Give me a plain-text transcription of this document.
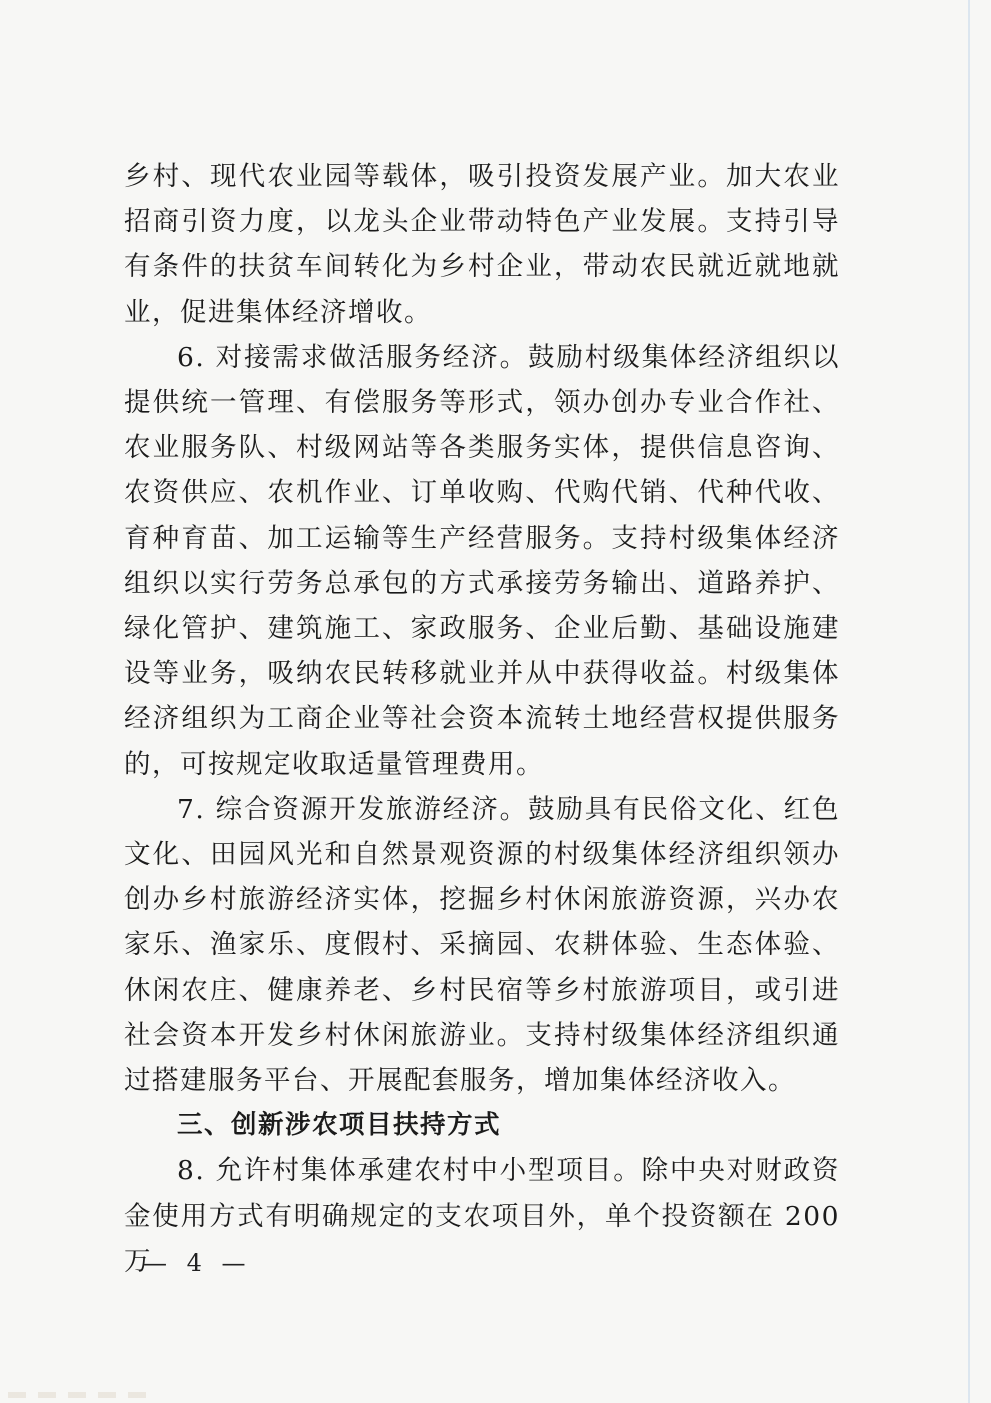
乡村、现代农业园等载体，吸引投资发展产业。加大农业招商引资力度，以龙头企业带动特色产业发展。支持引导有条件的扶贫车间转化为乡村企业，带动农民就近就地就业，促进集体经济增收。

6. 对接需求做活服务经济。鼓励村级集体经济组织以提供统一管理、有偿服务等形式，领办创办专业合作社、农业服务队、村级网站等各类服务实体，提供信息咨询、农资供应、农机作业、订单收购、代购代销、代种代收、育种育苗、加工运输等生产经营服务。支持村级集体经济组织以实行劳务总承包的方式承接劳务输出、道路养护、绿化管护、建筑施工、家政服务、企业后勤、基础设施建设等业务，吸纳农民转移就业并从中获得收益。村级集体经济组织为工商企业等社会资本流转土地经营权提供服务的，可按规定收取适量管理费用。

7. 综合资源开发旅游经济。鼓励具有民俗文化、红色文化、田园风光和自然景观资源的村级集体经济组织领办创办乡村旅游经济实体，挖掘乡村休闲旅游资源，兴办农家乐、渔家乐、度假村、采摘园、农耕体验、生态体验、休闲农庄、健康养老、乡村民宿等乡村旅游项目，或引进社会资本开发乡村休闲旅游业。支持村级集体经济组织通过搭建服务平台、开展配套服务，增加集体经济收入。

三、创新涉农项目扶持方式

8. 允许村集体承建农村中小型项目。除中央对财政资金使用方式有明确规定的支农项目外，单个投资额在 200 万

— 4 —
